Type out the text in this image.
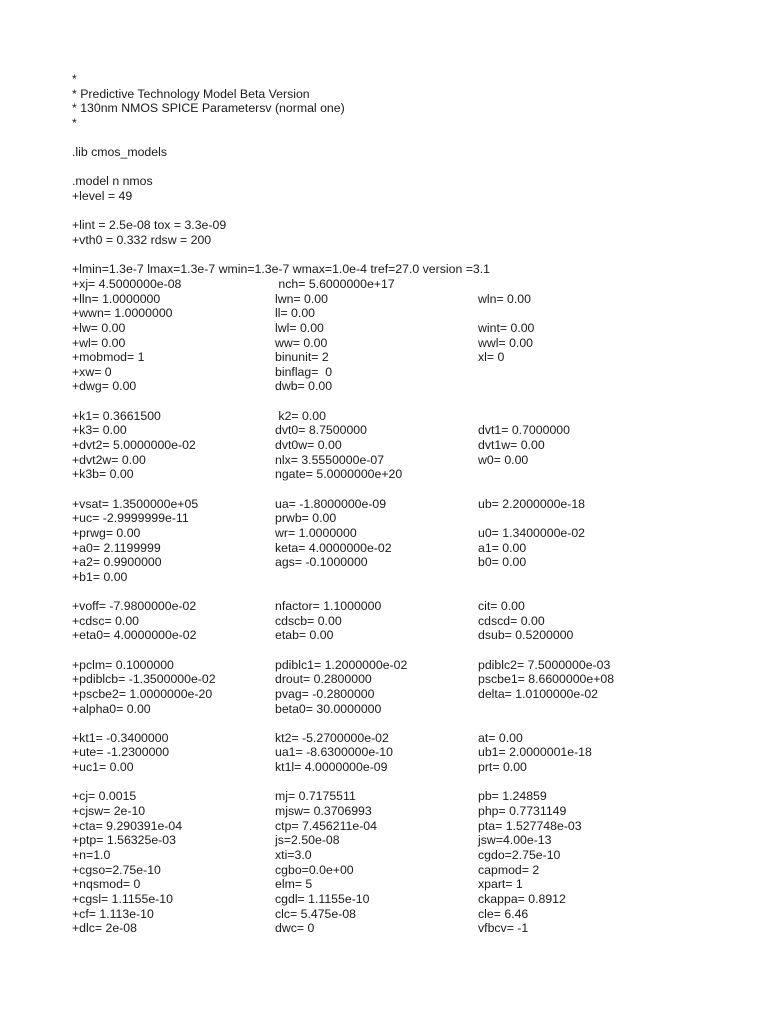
*
* Predictive Technology Model Beta Version
* 130nm NMOS SPICE Parametersv (normal one)
*
.lib cmos_models
.model n nmos
+level = 49
+lint = 2.5e-08 tox = 3.3e-09
+vth0 = 0.332 rdsw = 200
+lmin=1.3e-7 lmax=1.3e-7 wmin=1.3e-7 wmax=1.0e-4 tref=27.0 version =3.1
+xj= 4.5000000e-08	nch= 5.6000000e+17
+lln= 1.0000000	lwn= 0.00	wln= 0.00
+wwn= 1.0000000	ll= 0.00
+lw= 0.00	lwl= 0.00	wint= 0.00
+wl= 0.00	ww= 0.00	wwl= 0.00
+mobmod= 1	binunit= 2	xl= 0
+xw= 0	binflag=  0
+dwg= 0.00	dwb= 0.00
+k1= 0.3661500	k2= 0.00
+k3= 0.00	dvt0= 8.7500000	dvt1= 0.7000000
+dvt2= 5.0000000e-02	dvt0w= 0.00	dvt1w= 0.00
+dvt2w= 0.00	nlx= 3.5550000e-07	w0= 0.00
+k3b= 0.00	ngate= 5.0000000e+20
+vsat= 1.3500000e+05	ua= -1.8000000e-09	ub= 2.2000000e-18
+uc= -2.9999999e-11	prwb= 0.00
+prwg= 0.00	wr= 1.0000000	u0= 1.3400000e-02
+a0= 2.1199999	keta= 4.0000000e-02	a1= 0.00
+a2= 0.9900000	ags= -0.1000000	b0= 0.00
+b1= 0.00
+voff= -7.9800000e-02	nfactor= 1.1000000	cit= 0.00
+cdsc= 0.00	cdscb= 0.00	cdscd= 0.00
+eta0= 4.0000000e-02	etab= 0.00	dsub= 0.5200000
+pclm= 0.1000000	pdiblc1= 1.2000000e-02	pdiblc2= 7.5000000e-03
+pdiblcb= -1.3500000e-02	drout= 0.2800000	pscbe1= 8.6600000e+08
+pscbe2= 1.0000000e-20	pvag= -0.2800000	delta= 1.0100000e-02
+alpha0= 0.00	beta0= 30.0000000
+kt1= -0.3400000	kt2= -5.2700000e-02	at= 0.00
+ute= -1.2300000	ua1= -8.6300000e-10	ub1= 2.0000001e-18
+uc1= 0.00	kt1l= 4.0000000e-09	prt= 0.00
+cj= 0.0015	mj= 0.7175511	pb= 1.24859
+cjsw= 2e-10	mjsw= 0.3706993	php= 0.7731149
+cta= 9.290391e-04	ctp= 7.456211e-04	pta= 1.527748e-03
+ptp= 1.56325e-03	js=2.50e-08	jsw=4.00e-13
+n=1.0	xti=3.0	cgdo=2.75e-10
+cgso=2.75e-10	cgbo=0.0e+00	capmod= 2
+nqsmod= 0	elm= 5	xpart= 1
+cgsl= 1.1155e-10	cgdl= 1.1155e-10	ckappa= 0.8912
+cf= 1.113e-10	clc= 5.475e-08	cle= 6.46
+dlc= 2e-08	dwc= 0	vfbcv= -1
